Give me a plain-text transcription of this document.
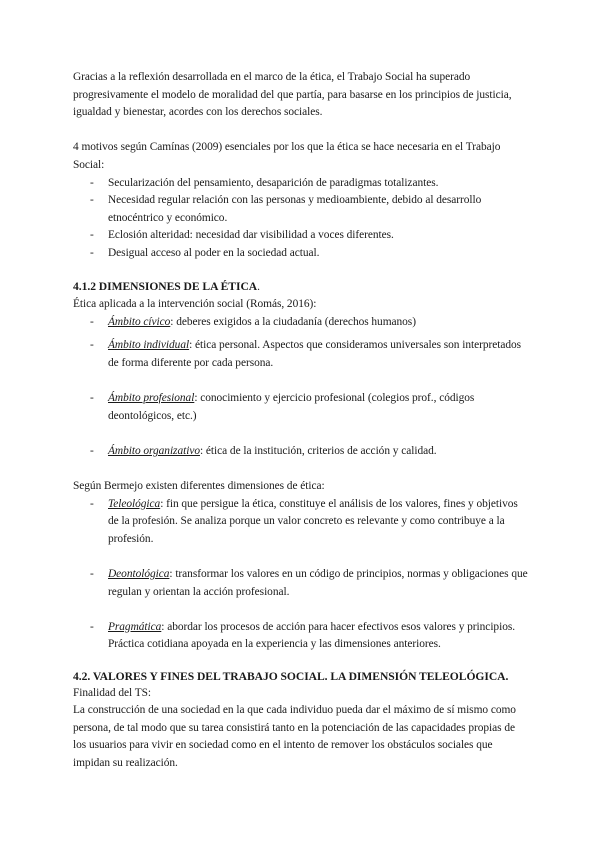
Gracias a la reflexión desarrollada en el marco de la ética, el Trabajo Social ha superado progresivamente el modelo de moralidad del que partía, para basarse en los principios de justicia, igualdad y bienestar, acordes con los derechos sociales.

4 motivos según Camínas (2009) esenciales por los que la ética se hace necesaria en el Trabajo Social:

- Secularización del pensamiento, desaparición de paradigmas totalizantes.
- Necesidad regular relación con las personas y medioambiente, debido al desarrollo etnocéntrico y económico.
- Eclosión alteridad: necesidad dar visibilidad a voces diferentes.
- Desigual acceso al poder en la sociedad actual.

4.1.2 DIMENSIONES DE LA ÉTICA.

Ética aplicada a la intervención social (Romás, 2016):

- Ámbito cívico: deberes exigidos a la ciudadanía (derechos humanos)
- Ámbito individual: ética personal. Aspectos que consideramos universales son interpretados de forma diferente por cada persona.
- Ámbito profesional: conocimiento y ejercicio profesional (colegios prof., códigos deontológicos, etc.)
- Ámbito organizativo: ética de la institución, criterios de acción y calidad.

Según Bermejo existen diferentes dimensiones de ética:

- Teleológica: fin que persigue la ética, constituye el análisis de los valores, fines y objetivos de la profesión. Se analiza porque un valor concreto es relevante y como contribuye a la profesión.
- Deontológica: transformar los valores en un código de principios, normas y obligaciones que regulan y orientan la acción profesional.
- Pragmática: abordar los procesos de acción para hacer efectivos esos valores y principios. Práctica cotidiana apoyada en la experiencia y las dimensiones anteriores.

4.2. VALORES Y FINES DEL TRABAJO SOCIAL. LA DIMENSIÓN TELEOLÓGICA.

Finalidad del TS:

La construcción de una sociedad en la que cada individuo pueda dar el máximo de sí mismo como persona, de tal modo que su tarea consistirá tanto en la potenciación de las capacidades propias de los usuarios para vivir en sociedad como en el intento de remover los obstáculos sociales que impidan su realización.
